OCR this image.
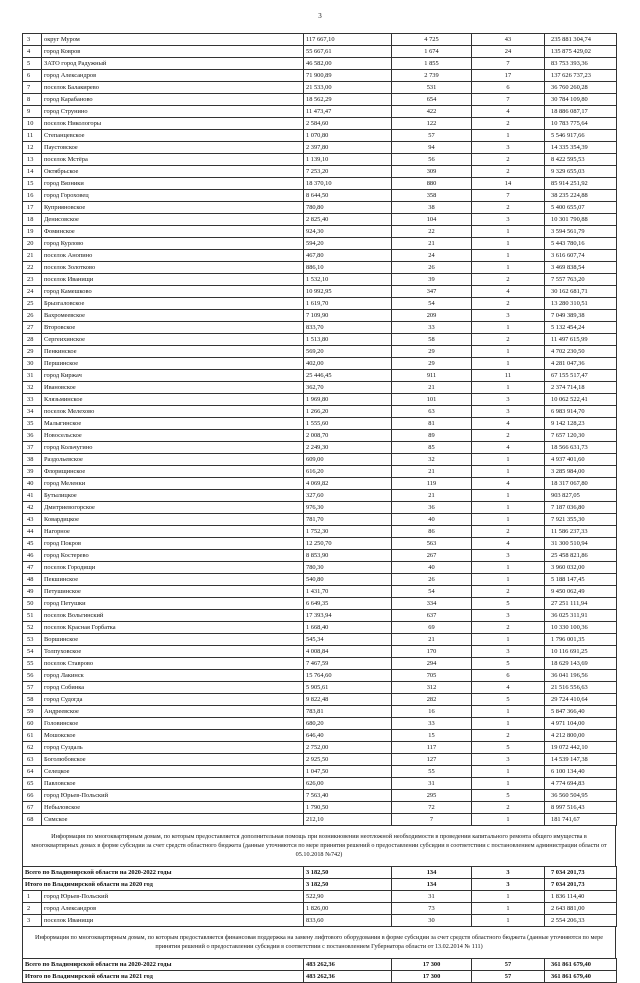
3
3	округ Муром	117 667,10	4 725	43	235 881 304,74
4	город Ковров	55 667,61	1 674	24	135 875 429,02
5	ЗАТО город Радужный	46 582,00	1 855	7	83 753 393,36
6	город Александров	71 900,89	2 739	17	137 626 737,23
7	поселок Балакирево	21 533,00	531	6	36 760 260,28
8	город Карабаново	18 562,29	654	7	30 784 109,80
9	город Струнино	11 473,47	422	4	18 886 087,17
10	поселок Никологоры	2 584,60	122	2	10 783 775,64
11	Степанцевское	1 070,80	57	1	5 546 917,66
12	Паустовское	2 397,80	94	3	14 335 354,39
13	поселок Мстёра	1 139,10	56	2	8 422 595,53
14	Октябрьское	7 253,20	309	2	9 329 655,03
15	город Вязники	18 370,10	880	14	85 914 251,92
16	город Гороховец	8 644,50	358	7	38 235 224,88
17	Куприяновское	780,80	38	2	5 400 655,07
18	Денисовское	2 825,40	104	3	10 301 790,88
19	Фоминское	924,30	22	1	3 594 561,79
20	город Курлово	594,20	21	1	5 443 780,16
21	поселок Анопино	467,80	24	1	3 616 607,74
22	поселок Золотково	886,10	26	1	3 469 838,54
23	поселок Иванищи	1 532,10	39	2	7 557 763,20
24	город Камешково	10 992,95	347	4	30 162 681,71
25	Брызгаловское	1 619,70	54	2	13 280 310,51
26	Вахромеевское	7 109,90	209	3	7 049 389,38
27	Второвское	833,70	33	1	5 132 454,24
28	Сергеихинское	1 513,80	58	2	11 497 615,99
29	Пенкинское	569,20	29	1	4 702 230,50
30	Першинское	402,00	29	1	4 281 047,36
31	город Киржач	25 446,45	911	11	67 155 517,47
32	Ивановское	362,70	21	1	2 374 714,18
33	Клязьминское	1 969,80	101	3	10 062 522,41
34	поселок Мелехово	1 266,20	63	3	6 983 914,70
35	Малыгинское	1 555,60	81	4	9 142 128,23
36	Новосельское	2 008,70	89	2	7 657 120,30
37	город Кольчугино	2 249,30	85	4	18 566 631,73
38	Раздольевское	609,00	32	1	4 937 401,60
39	Флорищинское	616,20	21	1	3 285 984,00
40	город Меленки	4 069,82	119	4	18 317 067,80
41	Бутылицкое	327,60	21	1	903 827,05
42	Дмитриевогорское	976,30	36	1	7 187 036,80
43	Ковардицкое	781,70	40	1	7 921 355,30
44	Нагорное	1 752,30	86	2	11 586 237,33
45	город Покров	12 250,70	563	4	31 300 510,94
46	город Костерево	8 853,90	267	3	25 458 821,86
47	поселок Городищи	780,30	40	1	3 960 032,00
48	Пекшинское	540,80	26	1	5 188 147,45
49	Петушинское	1 431,70	54	2	9 450 062,49
50	город Петушки	6 649,35	334	5	27 251 111,94
51	поселок Вольгинский	17 393,94	637	3	36 025 311,91
52	поселок Красная Горбатка	1 668,40	69	2	10 330 100,36
53	Воршинское	545,34	21	1	1 796 001,35
54	Толпуховское	4 008,84	170	3	10 116 691,25
55	поселок Ставрово	7 467,59	294	5	18 629 143,69
56	город Лакинск	15 764,60	705	6	36 041 196,56
57	город Собинка	5 905,61	312	4	21 516 556,63
58	город Судогда	9 822,48	282	5	29 724 410,64
59	Андреевское	783,81	16	1	5 847 366,40
60	Головинское	680,20	33	1	4 971 104,00
61	Мошокское	646,40	15	2	4 212 800,00
62	город Суздаль	2 752,00	117	5	19 072 442,10
63	Боголюбовское	2 925,50	127	3	14 539 147,38
64	Селецкое	1 047,50	55	1	6 100 134,40
65	Павловское	626,00	31	1	4 774 694,83
66	город Юрьев-Польский	7 563,40	295	5	36 560 504,95
67	Небыловское	1 790,50	72	2	8 997 516,43
68	Симское	212,10	7	1	181 741,67
Информация по многоквартирным домам, по которым предоставляется дополнительная помощь при возникновении неотложной необходимости в проведении капитального ремонта общего имущества в многоквартирных домах в форме субсидии за счет средств областного бюджета (данные уточняются по мере принятия решений о предоставлении субсидии в соответствии с постановлением администрации области от 05.10.2018 №742)
Всего по Владимирской области на 2020-2022 годы		3 182,50	134	3	7 034 201,73
Итого по Владимирской области на 2020 год		3 182,50	134	3	7 034 201,73
1	город Юрьев-Польский	522,90	31	1	1 836 114,40
2	город Александров	1 826,00	73	1	2 643 881,00
3	поселок Иванищи	833,60	30	1	2 554 206,33
Информация по многоквартирным домам, по которым предоставляется финансовая поддержка на замену лифтового оборудования в форме субсидии за счет средств областного бюджета (данные уточняются по мере принятия решений о предоставлении субсидии в соответствии с постановлением Губернатора области от 13.02.2014 № 111)
Всего по Владимирской области на 2020-2022 годы	483 262,36	17 300	57	361 861 679,40
Итого по Владимирской области на 2021 год	483 262,36	17 300	57	361 861 679,40
